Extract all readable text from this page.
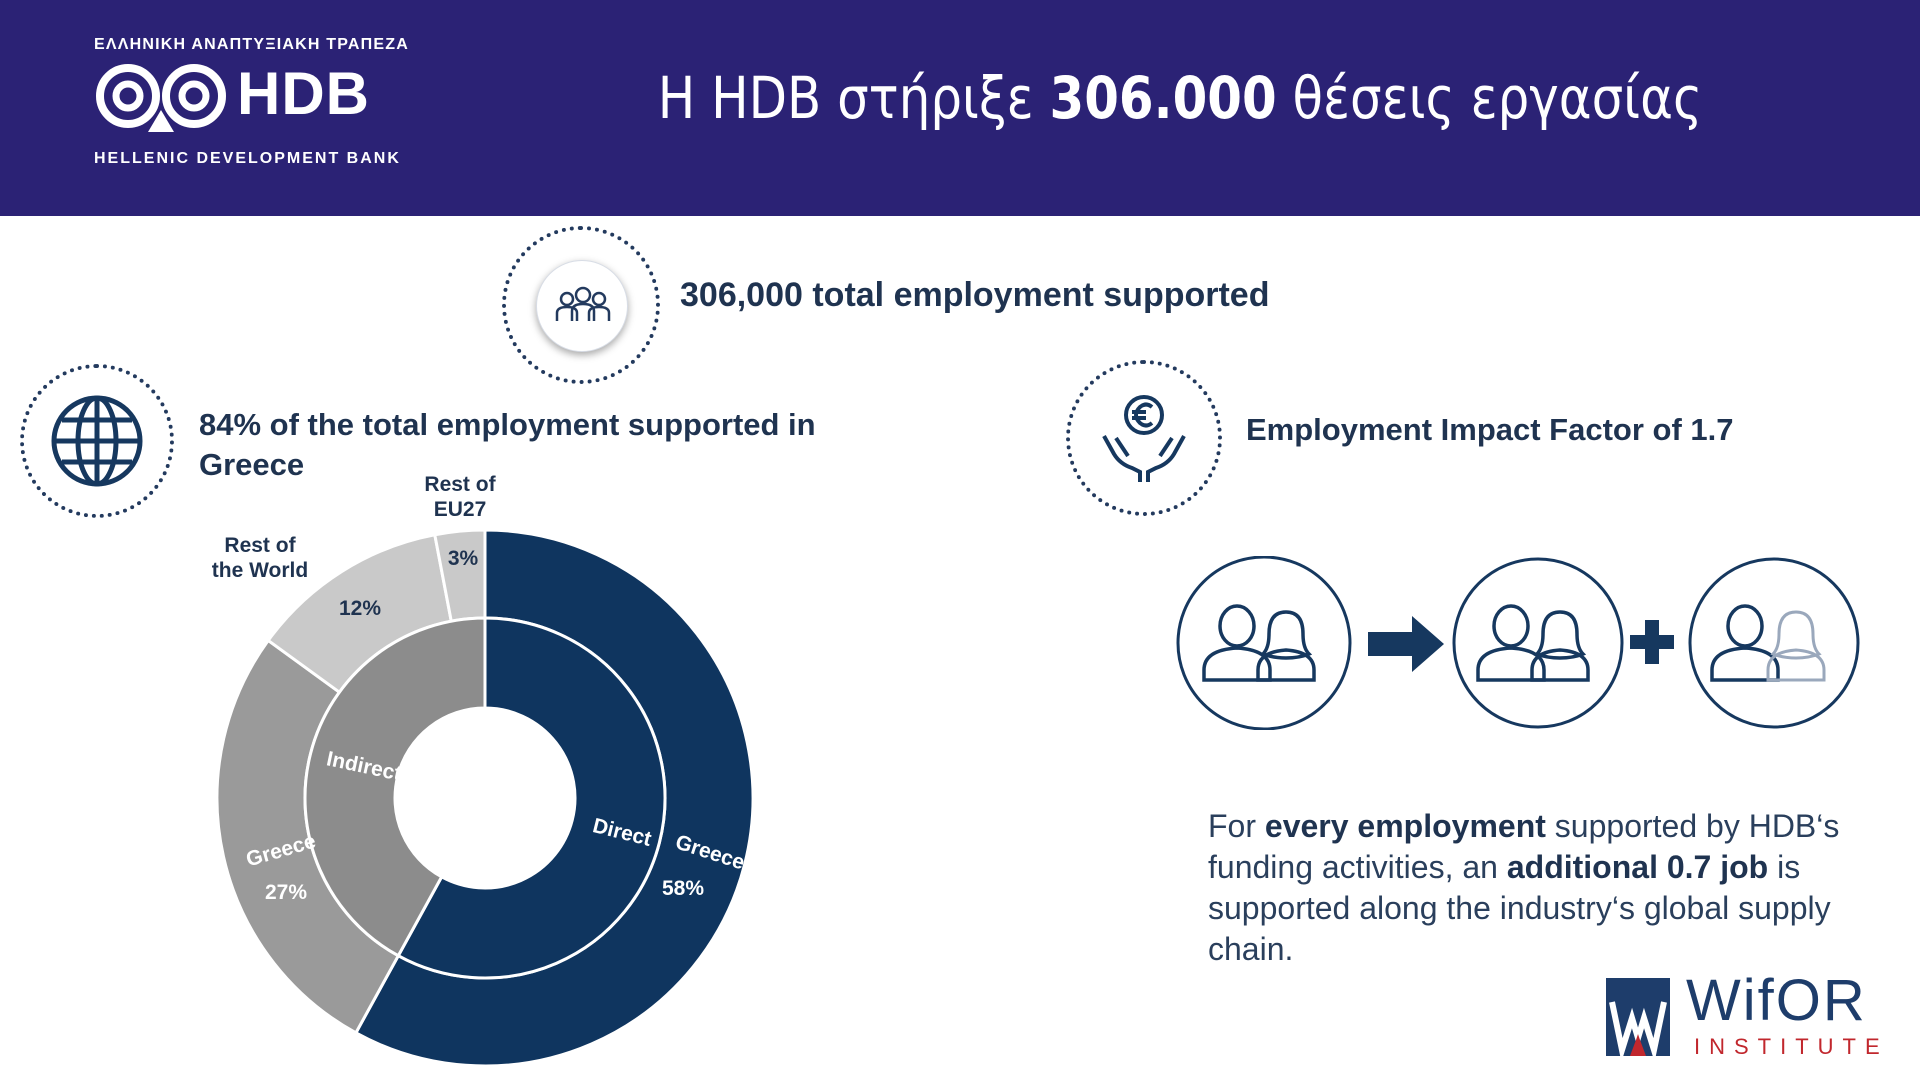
ΕΛΛΗΝΙΚΗ ΑΝΑΠΤΥΞΙΑΚΗ ΤΡΑΠΕΖΑ
HDB
HELLENIC DEVELOPMENT BANK
Η HDB στήριξε 306.000 θέσεις εργασίας
306,000 total employment supported
84% of the total employment supported in
Greece
Rest of
EU27
3%
Rest of
the World
12%
Indirect
Greece
27%
Direct Greece
58%
Employment Impact Factor of 1.7
For every employment supported by HDB‘s funding activities, an additional 0.7 job is supported along the industry‘s global supply chain.
WifOR
INSTITUTE
